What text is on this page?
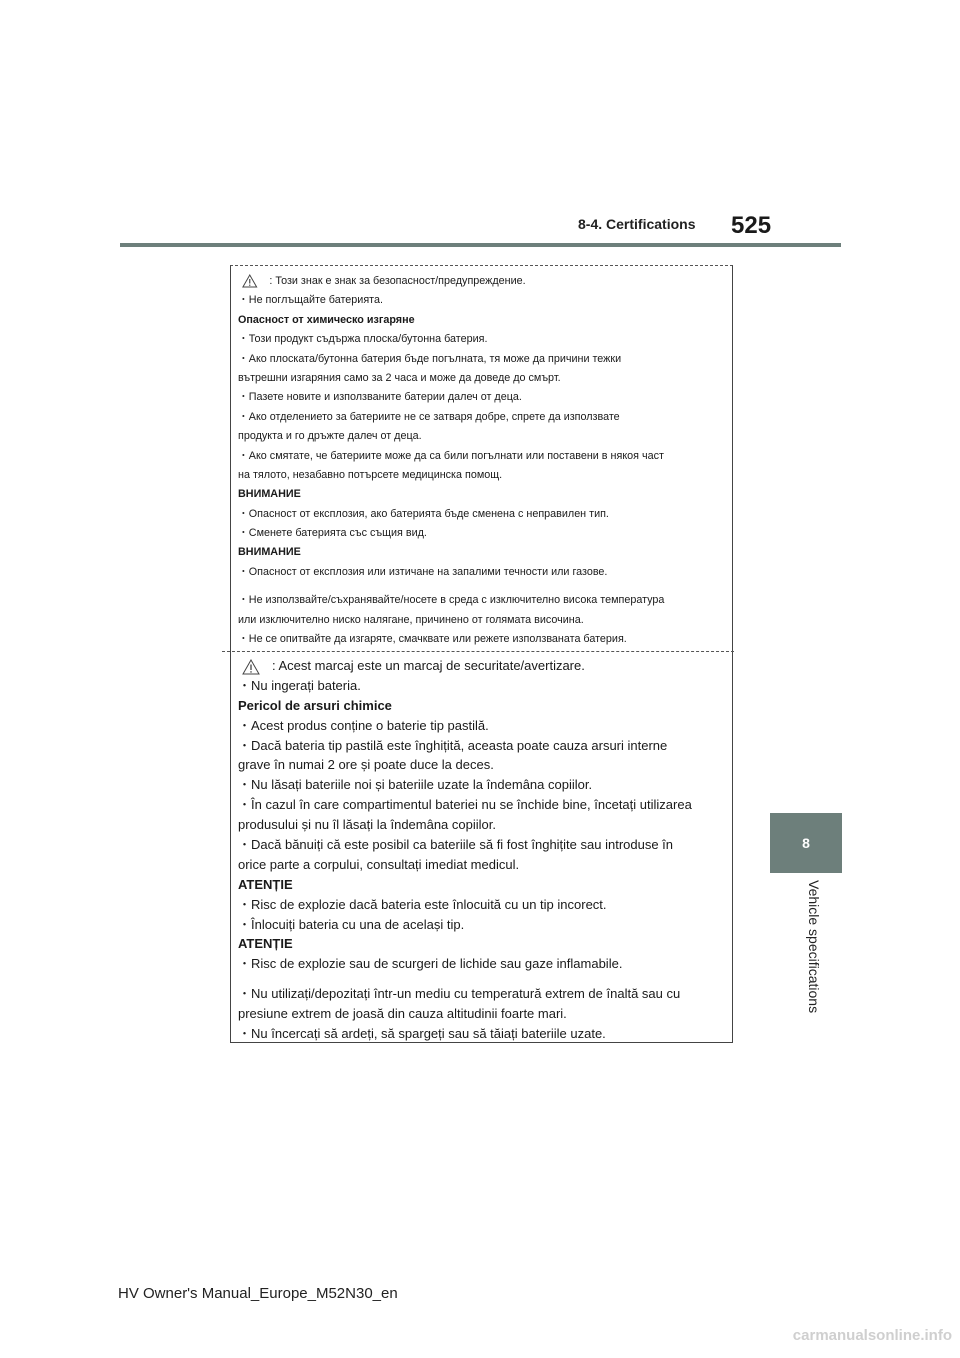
8-4. Certifications 525
8
Vehicle specifications
: Този знак е знак за безопасност/предупреждение.
・Не поглъщайте батерията.
Опасност от химическо изгаряне
・Този продукт съдържа плоска/бутонна батерия.
・Ако плоската/бутонна батерия бъде погълната, тя може да причини тежки
вътрешни изгаряния само за 2 часа и може да доведе до смърт.
・Пазете новите и използваните батерии далеч от деца.
・Ако отделението за батериите не се затваря добре, спрете да използвате
продукта и го дръжте далеч от деца.
・Ако смятате, че батериите може да са били погълнати или поставени в някоя част
на тялото, незабавно потърсете медицинска помощ.
ВНИМАНИЕ
・Опасност от експлозия, ако батерията бъде сменена с неправилен тип.
・Сменете батерията със същия вид.
ВНИМАНИЕ
・Опасност от експлозия или изтичане на запалими течности или газове.
・Не използвайте/съхранявайте/носете в среда с изключително висока температура
или изключително ниско налягане, причинено от голямата височина.
・Не се опитвайте да изгаряте, смачквате или режете използваната батерия.
: Acest marcaj este un marcaj de securitate/avertizare.
・Nu ingerați bateria.
Pericol de arsuri chimice
・Acest produs conține o baterie tip pastilă.
・Dacă bateria tip pastilă este înghițită, aceasta poate cauza arsuri interne
grave în numai 2 ore și poate duce la deces.
・Nu lăsați bateriile noi și bateriile uzate la îndemâna copiilor.
・În cazul în care compartimentul bateriei nu se închide bine, încetați utilizarea
produsului și nu îl lăsați la îndemâna copiilor.
・Dacă bănuiți că este posibil ca bateriile să fi fost înghițite sau introduse în
orice parte a corpului, consultați imediat medicul.
ATENȚIE
・Risc de explozie dacă bateria este înlocuită cu un tip incorect.
・Înlocuiți bateria cu una de același tip.
ATENȚIE
・Risc de explozie sau de scurgeri de lichide sau gaze inflamabile.
・Nu utilizați/depozitați într-un mediu cu temperatură extrem de înaltă sau cu
presiune extrem de joasă din cauza altitudinii foarte mari.
・Nu încercați să ardeți, să spargeți sau să tăiați bateriile uzate.
HV Owner's Manual_Europe_M52N30_en
carmanualsonline.info
